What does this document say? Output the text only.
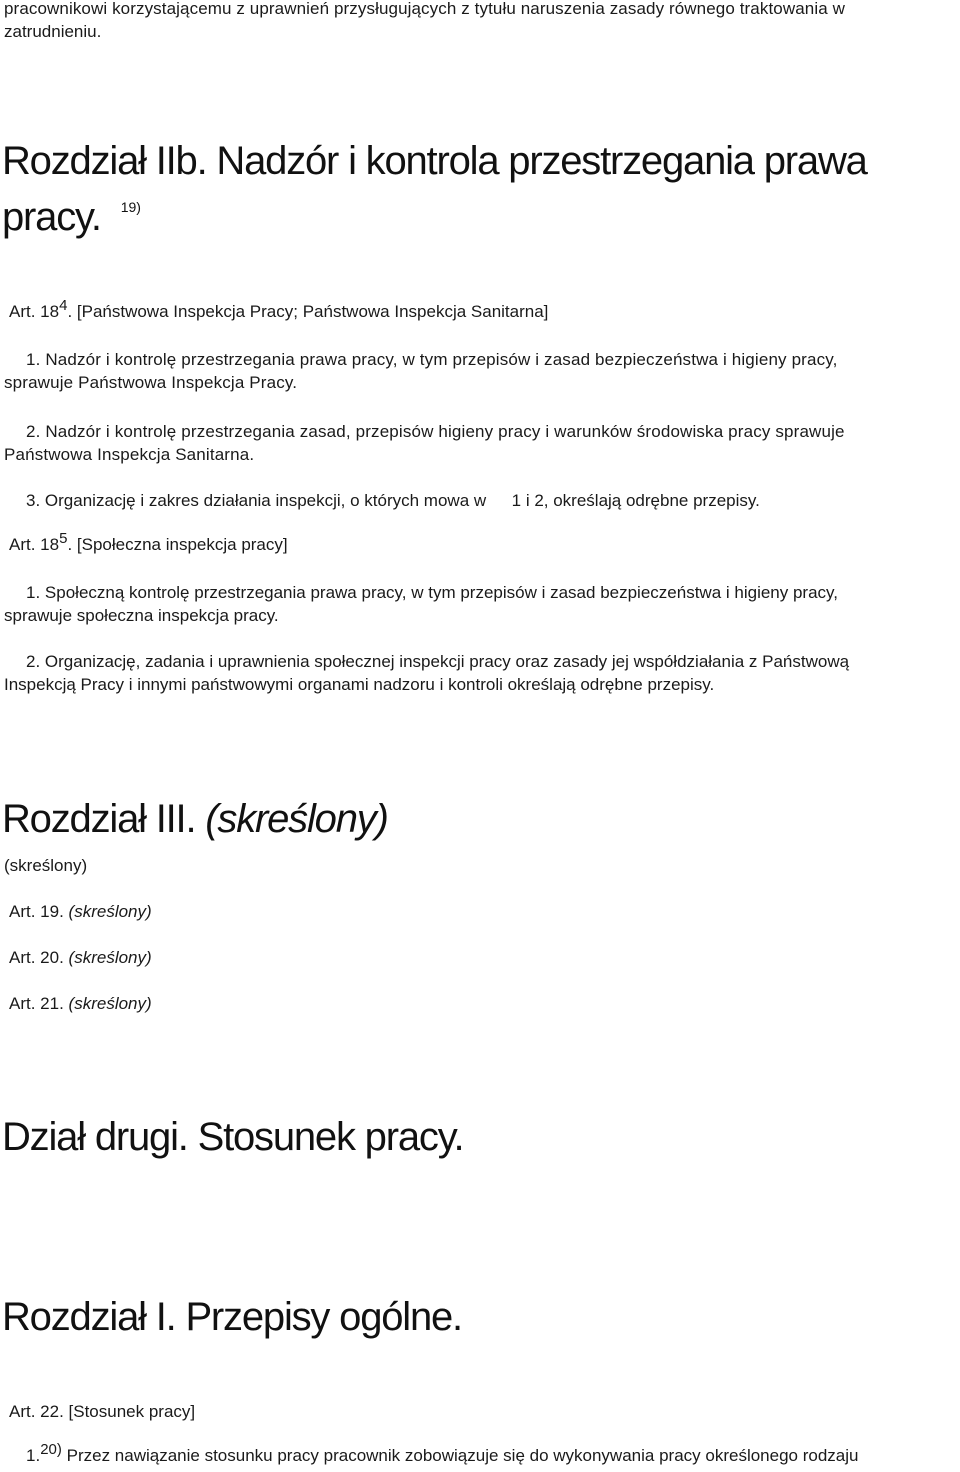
pracownikowi korzystającemu z uprawnień przysługujących z tytułu naruszenia zasady równego traktowania w
zatrudnieniu.
Rozdział IIb. Nadzór i kontrola przestrzegania prawa
pracy. $^{19)}$
Art. 184. [Państwowa Inspekcja Pracy; Państwowa Inspekcja Sanitarna]
1. Nadzór i kontrolę przestrzegania prawa pracy, w tym przepisów i zasad bezpieczeństwa i higieny pracy,
sprawuje Państwowa Inspekcja Pracy.
2. Nadzór i kontrolę przestrzegania zasad, przepisów higieny pracy i warunków środowiska pracy sprawuje
Państwowa Inspekcja Sanitarna.
3. Organizację i zakres działania inspekcji, o których mowa w 1 i 2, określają odrębne przepisy.
Art. 185. [Społeczna inspekcja pracy]
1. Społeczną kontrolę przestrzegania prawa pracy, w tym przepisów i zasad bezpieczeństwa i higieny pracy,
sprawuje społeczna inspekcja pracy.
2. Organizację, zadania i uprawnienia społecznej inspekcji pracy oraz zasady jej współdziałania z Państwową
Inspekcją Pracy i innymi państwowymi organami nadzoru i kontroli określają odrębne przepisy.
Rozdział III. (skreślony)
(skreślony)
Art. 19. (skreślony)
Art. 20. (skreślony)
Art. 21. (skreślony)
Dział drugi. Stosunek pracy.
Rozdział I. Przepisy ogólne.
Art. 22. [Stosunek pracy]
1.20) Przez nawiązanie stosunku pracy pracownik zobowiązuje się do wykonywania pracy określonego rodzaju
